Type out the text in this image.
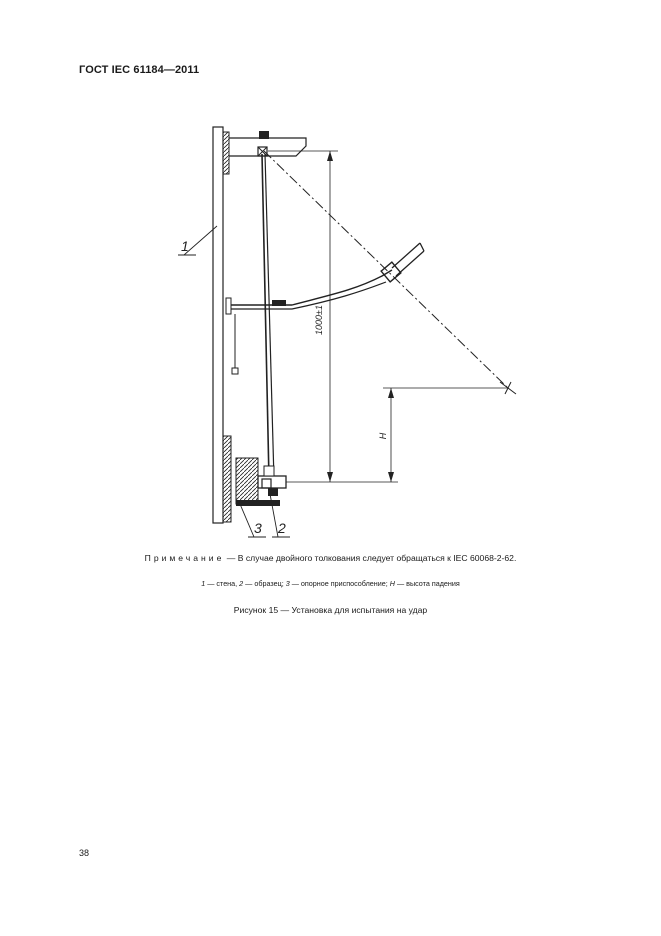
ГОСТ IEC 61184—2011
1000±1
H
1
3 2
Примечание — В случае двойного толкования следует обращаться к IEC 60068-2-62.
1 — стена, 2 — образец; 3 — опорное приспособление; H — высота падения
Рисунок 15 — Установка для испытания на удар
38
